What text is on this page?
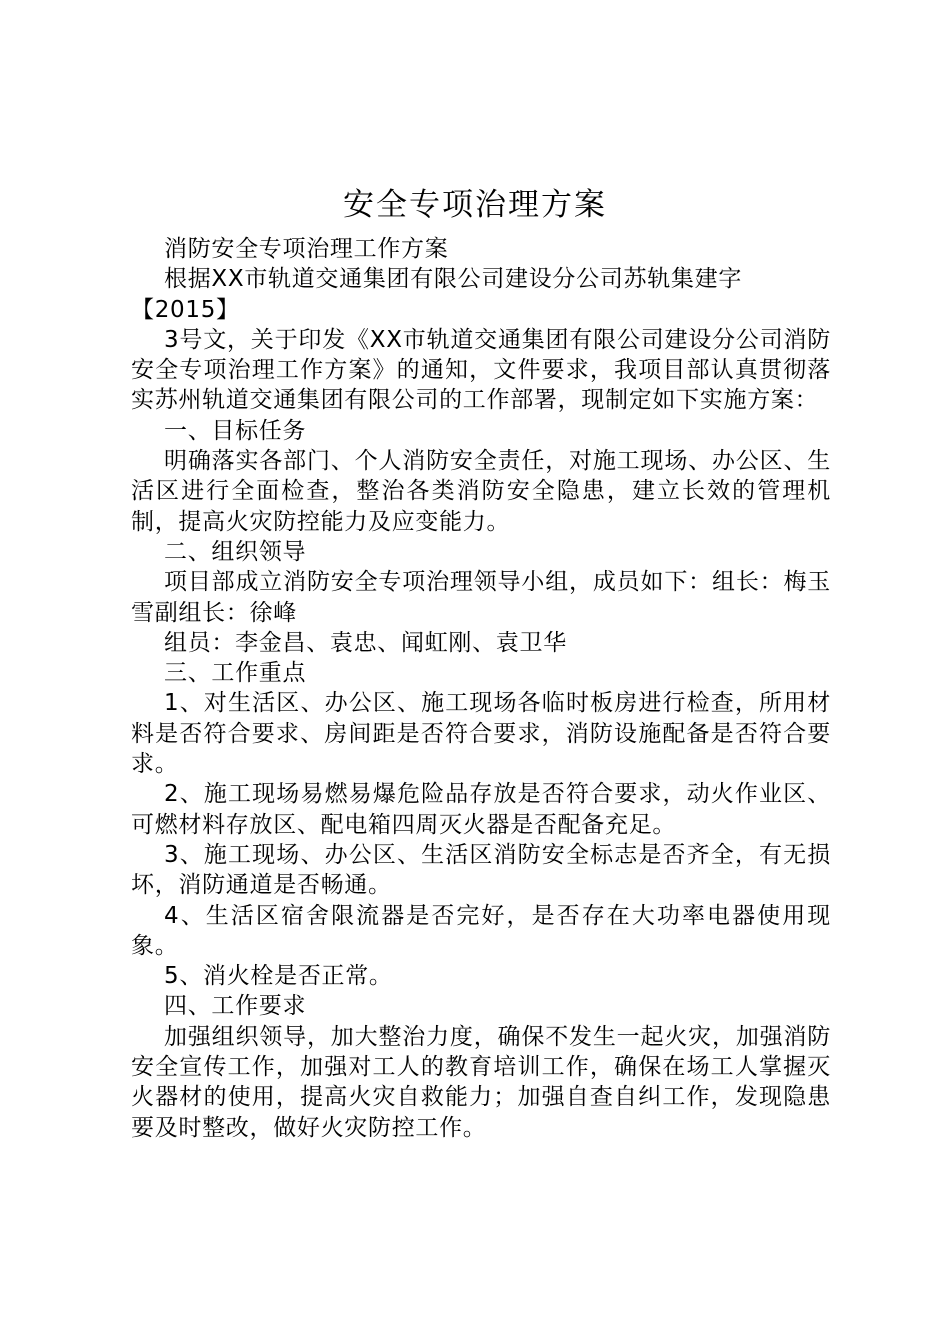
安全专项治理方案

消防安全专项治理工作方案

根据XX市轨道交通集团有限公司建设分公司苏轨集建字

【2015】

3号文，关于印发《XX市轨道交通集团有限公司建设分公司消防安全专项治理工作方案》的通知，文件要求，我项目部认真贯彻落实苏州轨道交通集团有限公司的工作部署，现制定如下实施方案：

一、目标任务

明确落实各部门、个人消防安全责任，对施工现场、办公区、生活区进行全面检查，整治各类消防安全隐患，建立长效的管理机制，提高火灾防控能力及应变能力。

二、组织领导

项目部成立消防安全专项治理领导小组，成员如下：组长：梅玉雪副组长：徐峰

组员：李金昌、袁忠、闻虹刚、袁卫华

三、工作重点

1、对生活区、办公区、施工现场各临时板房进行检查，所用材料是否符合要求、房间距是否符合要求，消防设施配备是否符合要求。

2、施工现场易燃易爆危险品存放是否符合要求，动火作业区、可燃材料存放区、配电箱四周灭火器是否配备充足。

3、施工现场、办公区、生活区消防安全标志是否齐全，有无损坏，消防通道是否畅通。

4、生活区宿舍限流器是否完好，是否存在大功率电器使用现象。

5、消火栓是否正常。

四、工作要求

加强组织领导，加大整治力度，确保不发生一起火灾，加强消防安全宣传工作，加强对工人的教育培训工作，确保在场工人掌握灭火器材的使用，提高火灾自救能力；加强自查自纠工作，发现隐患要及时整改，做好火灾防控工作。
